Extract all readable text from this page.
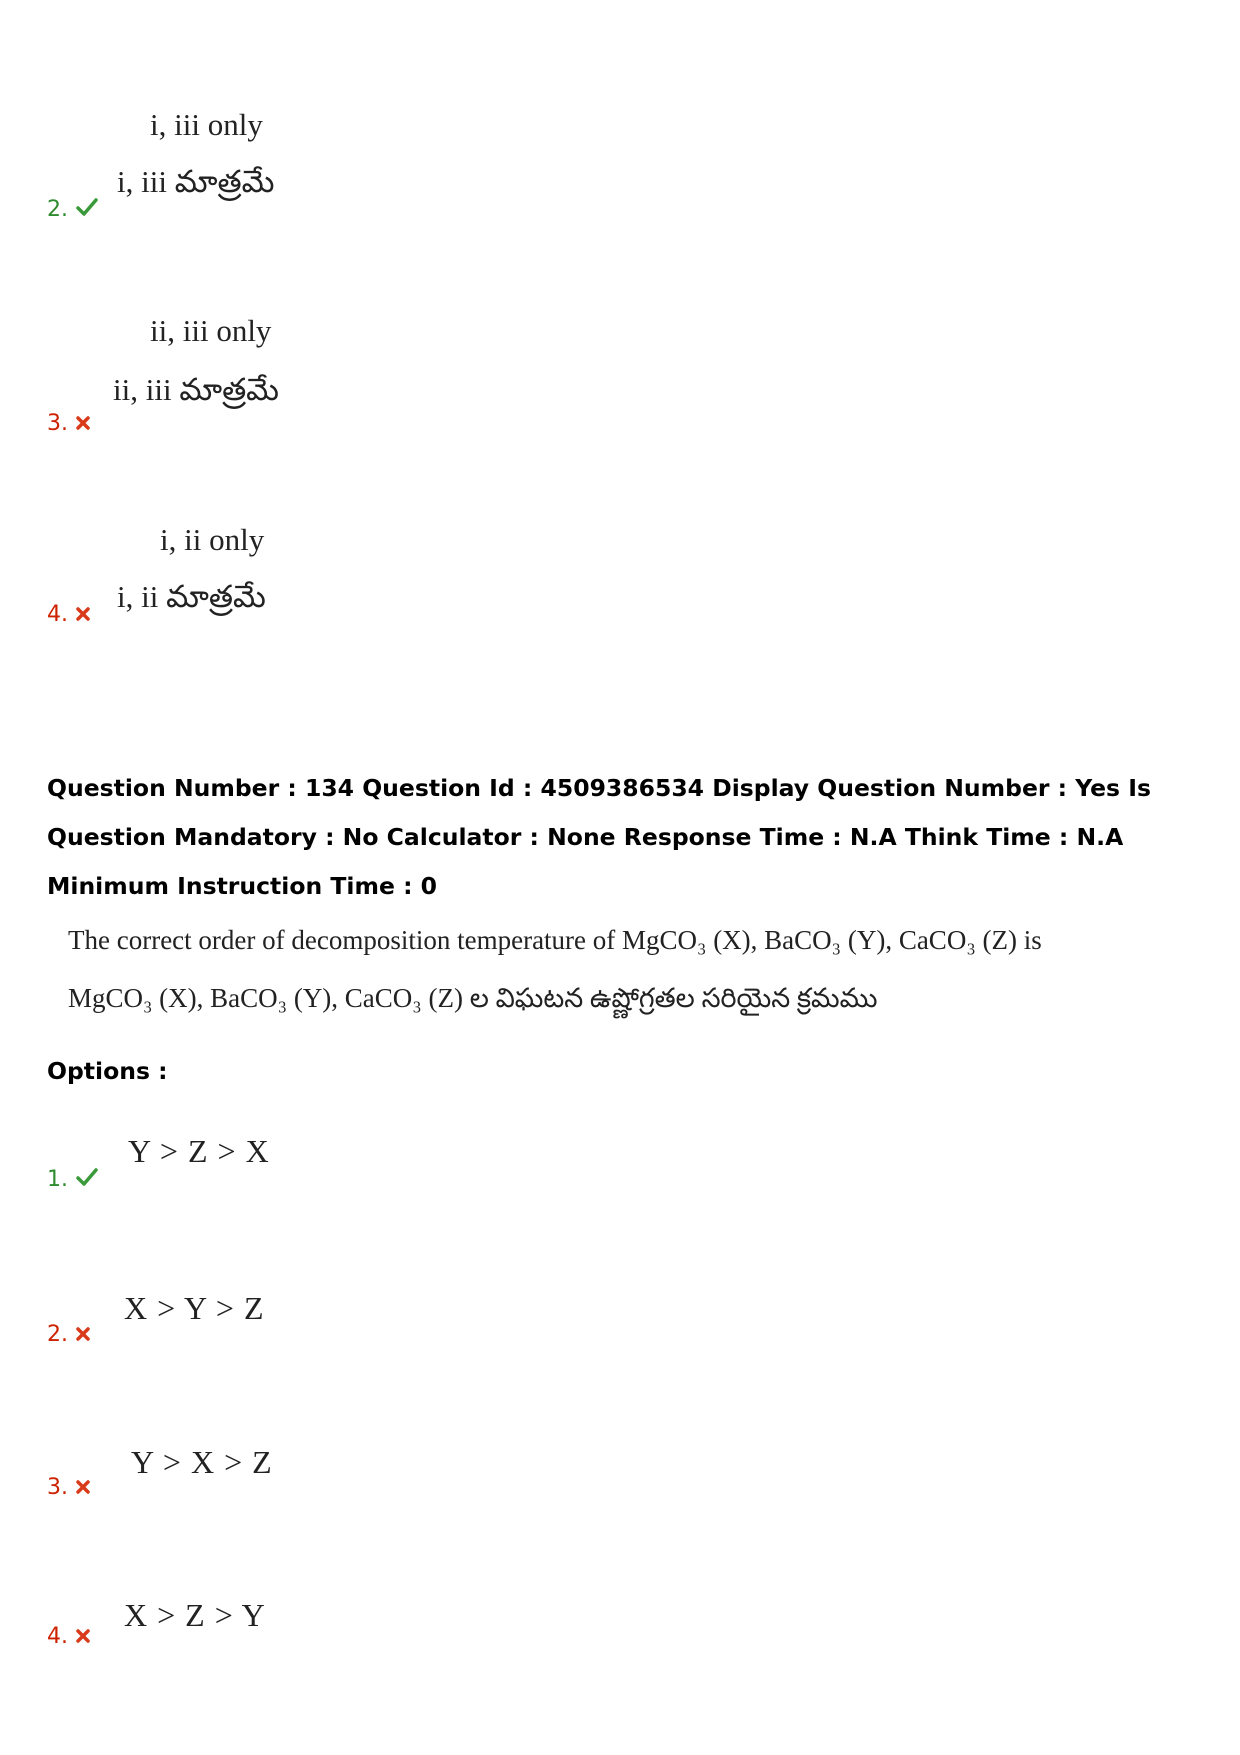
i, iii only
i, iii మాత్రమే
2.
ii, iii only
ii, iii మాత్రమే
3.
i, ii only
i, ii మాత్రమే
4.
Question Number : 134 Question Id : 4509386534 Display Question Number : Yes Is Question Mandatory : No Calculator : None Response Time : N.A Think Time : N.A Minimum Instruction Time : 0
The correct order of decomposition temperature of MgCO₃ (X), BaCO₃ (Y), CaCO₃ (Z) is
MgCO₃ (X), BaCO₃ (Y), CaCO₃ (Z) ల విఘటన ఉష్ణోగ్రతల సరియైన క్రమము
Options :
Y > Z > X
1.
X > Y > Z
2.
Y > X > Z
3.
X > Z > Y
4.
